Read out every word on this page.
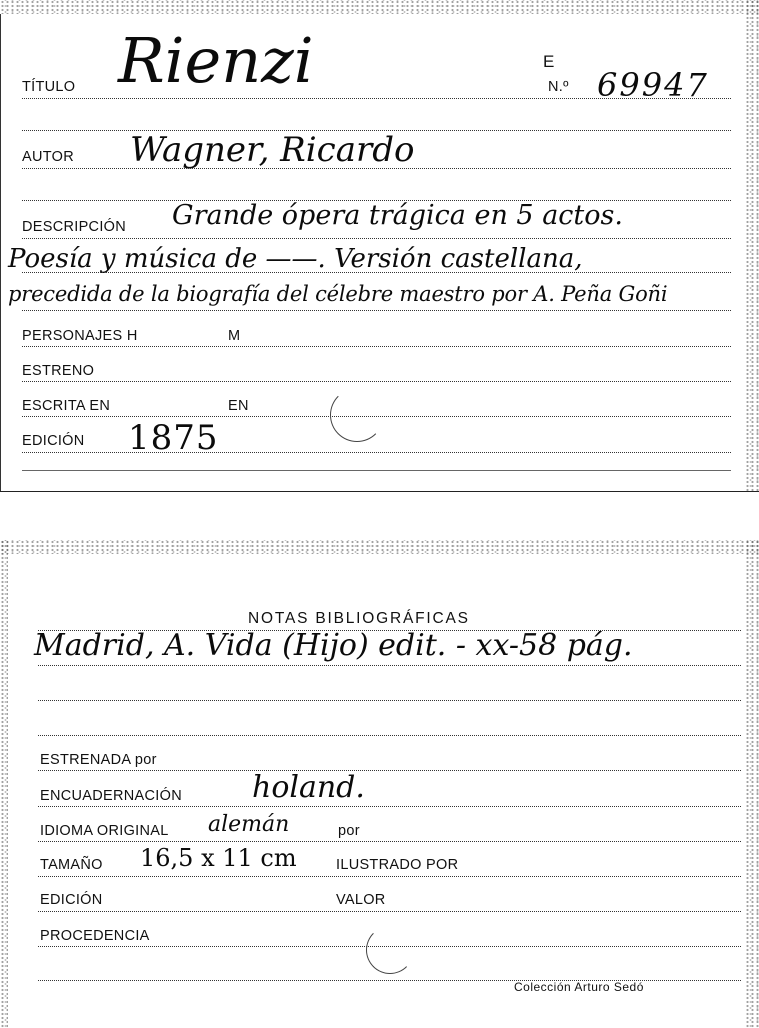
TÍTULO Rienzi	E
N.º 69947
AUTOR Wagner, Ricardo
DESCRIPCIÓN Grande ópera trágica en 5 actos.
Poesía y música de ——. Versión castellana,
precedida de la biografía del célebre maestro por A. Peña Goñi
PERSONAJES H	M
ESTRENO
ESCRITA EN	EN
EDICIÓN 1875
NOTAS BIBLIOGRÁFICAS
Madrid, A. Vida (Hijo) edit. - xx-58 pág.
ESTRENADA por
ENCUADERNACIÓN holand.
IDIOMA ORIGINAL alemán	por
TAMAÑO 16,5 x 11 cm	ILUSTRADO POR
EDICIÓN	VALOR
PROCEDENCIA
Colección Arturo Sedó
